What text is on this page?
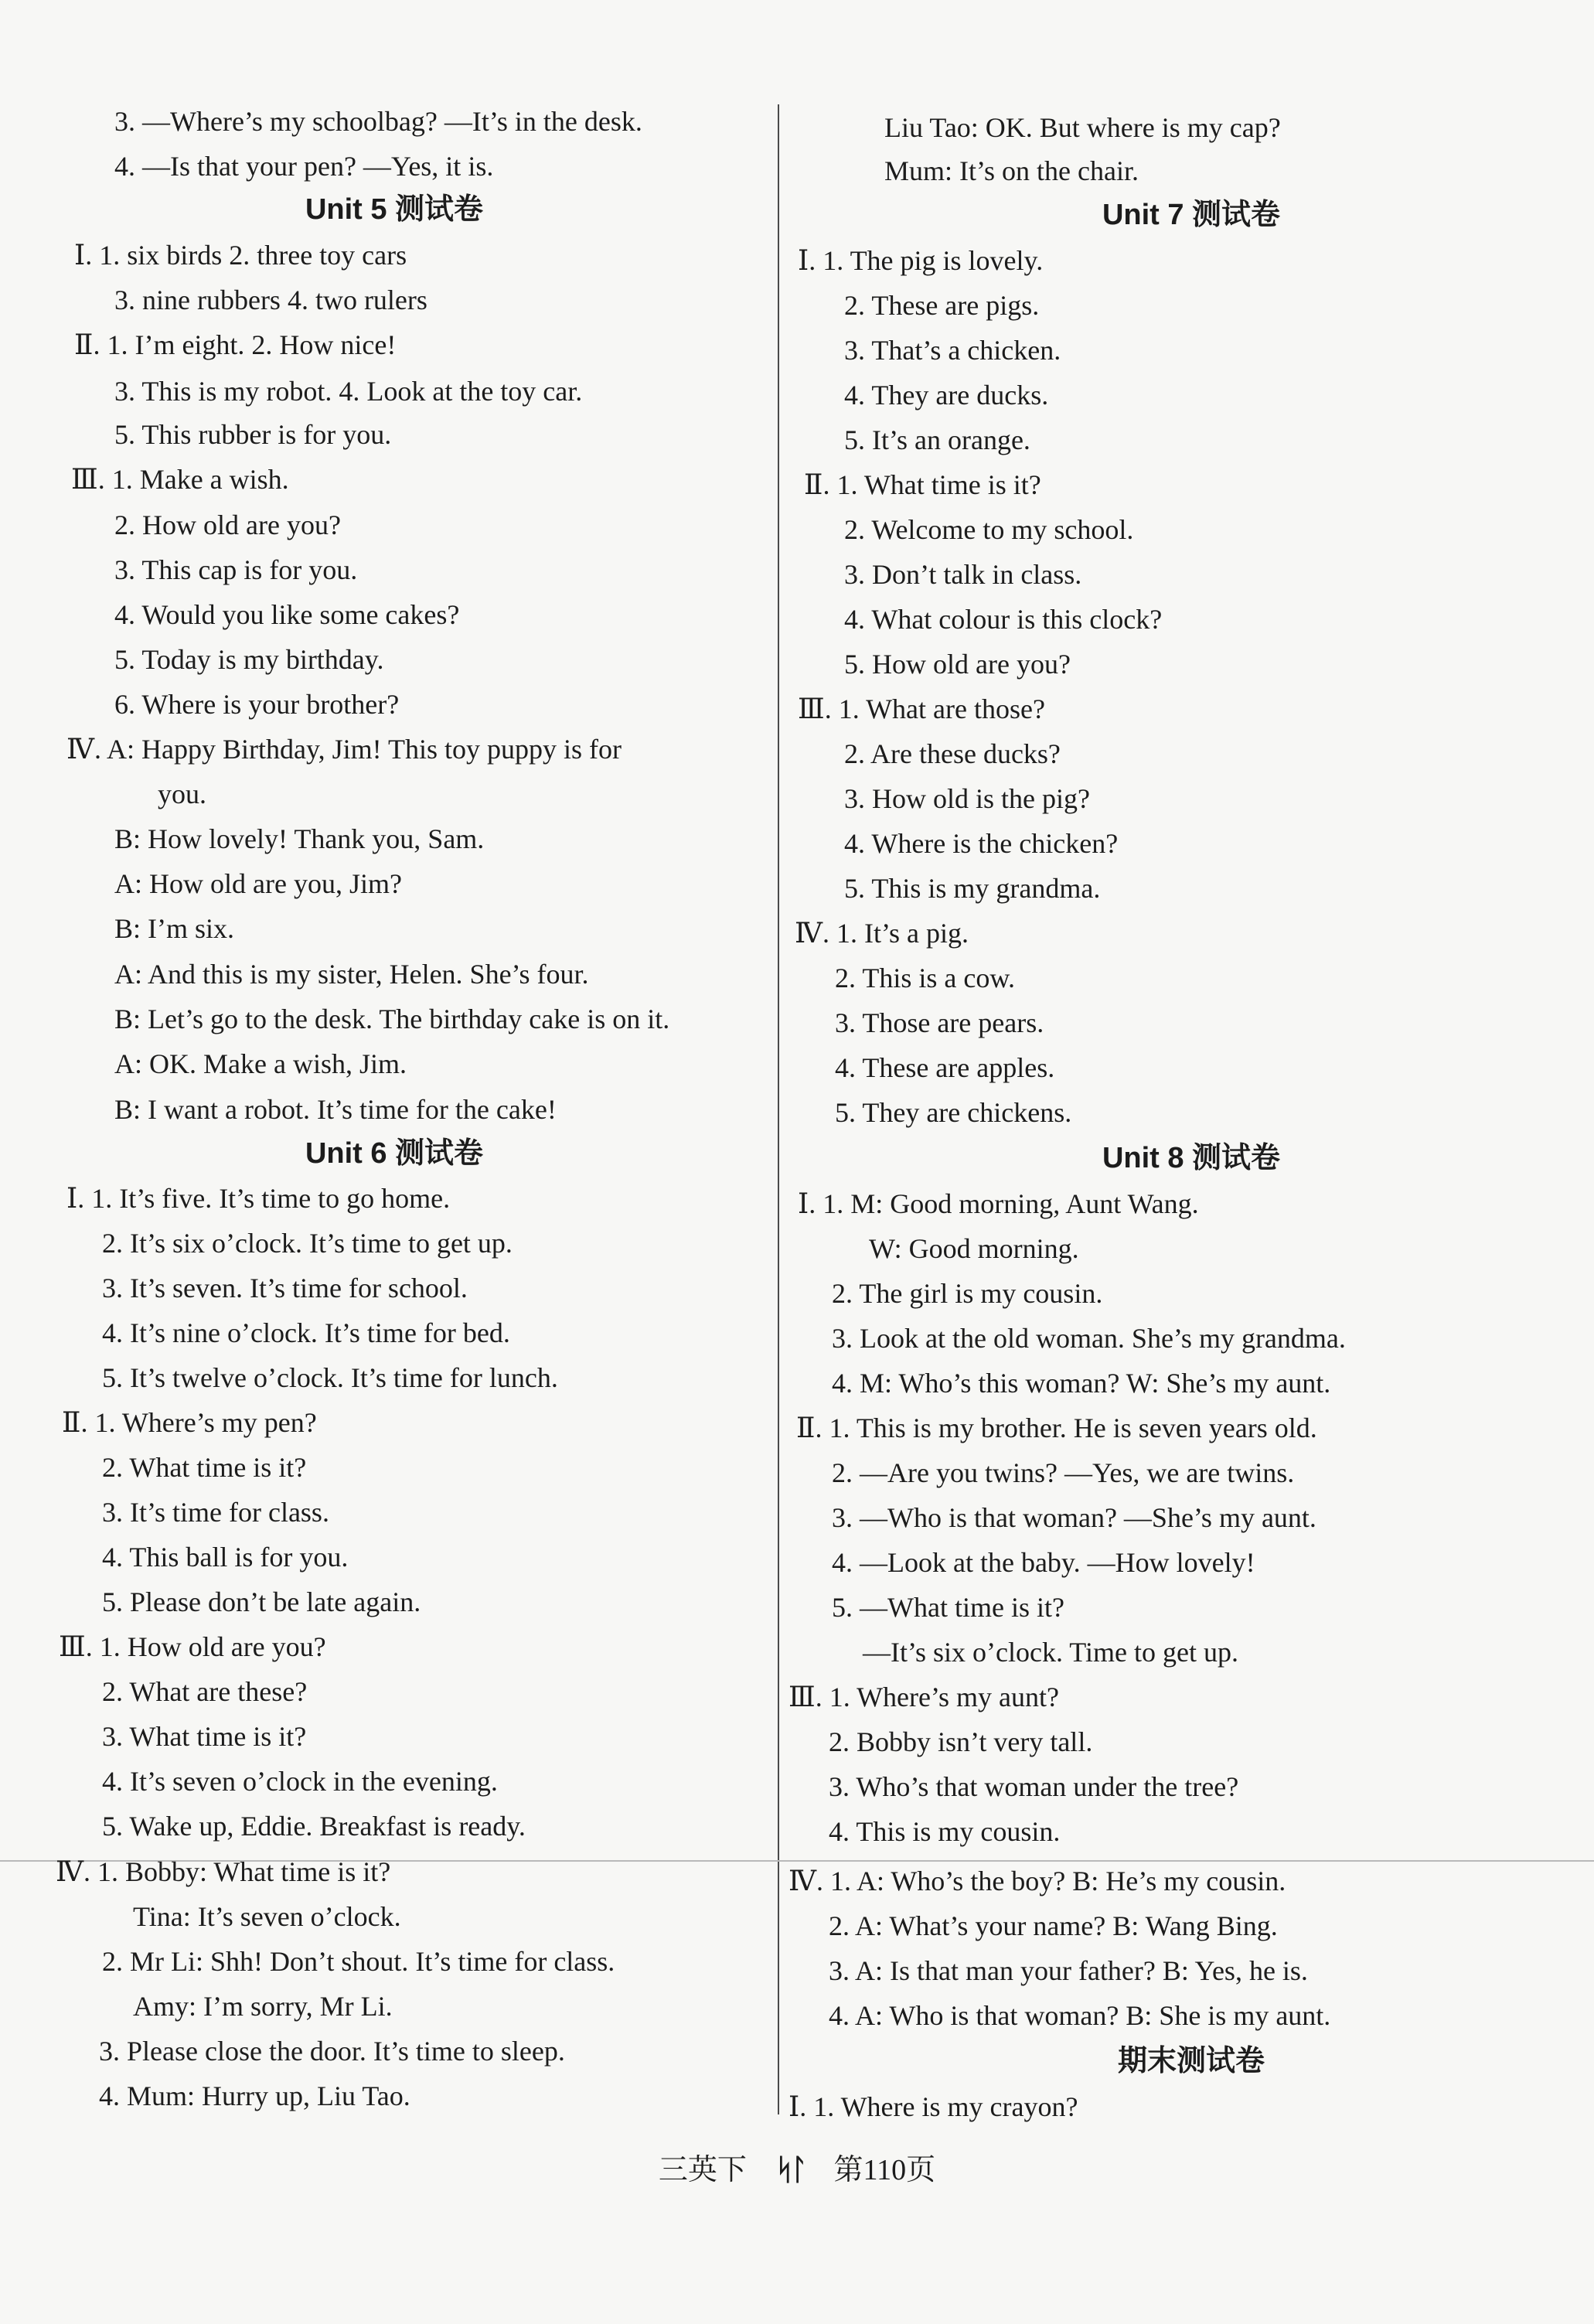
3. —Where’s my schoolbag? —It’s in the desk.
4. —Is that your pen? —Yes, it is.
Unit 5 测试卷
Ⅰ. 1. six birds 2. three toy cars
3. nine rubbers 4. two rulers
Ⅱ. 1. I’m eight. 2. How nice!
3. This is my robot. 4. Look at the toy car.
5. This rubber is for you.
Ⅲ. 1. Make a wish.
2. How old are you?
3. This cap is for you.
4. Would you like some cakes?
5. Today is my birthday.
6. Where is your brother?
Ⅳ. A: Happy Birthday, Jim! This toy puppy is for
you.
B: How lovely! Thank you, Sam.
A: How old are you, Jim?
B: I’m six.
A: And this is my sister, Helen. She’s four.
B: Let’s go to the desk. The birthday cake is on it.
A: OK. Make a wish, Jim.
B: I want a robot. It’s time for the cake!
Unit 6 测试卷
Ⅰ. 1. It’s five. It’s time to go home.
2. It’s six o’clock. It’s time to get up.
3. It’s seven. It’s time for school.
4. It’s nine o’clock. It’s time for bed.
5. It’s twelve o’clock. It’s time for lunch.
Ⅱ. 1. Where’s my pen?
2. What time is it?
3. It’s time for class.
4. This ball is for you.
5. Please don’t be late again.
Ⅲ. 1. How old are you?
2. What are these?
3. What time is it?
4. It’s seven o’clock in the evening.
5. Wake up, Eddie. Breakfast is ready.
Ⅳ. 1. Bobby: What time is it?
Tina: It’s seven o’clock.
2. Mr Li: Shh! Don’t shout. It’s time for class.
Amy: I’m sorry, Mr Li.
3. Please close the door. It’s time to sleep.
4. Mum: Hurry up, Liu Tao.
Liu Tao: OK. But where is my cap?
Mum: It’s on the chair.
Unit 7 测试卷
Ⅰ. 1. The pig is lovely.
2. These are pigs.
3. That’s a chicken.
4. They are ducks.
5. It’s an orange.
Ⅱ. 1. What time is it?
2. Welcome to my school.
3. Don’t talk in class.
4. What colour is this clock?
5. How old are you?
Ⅲ. 1. What are those?
2. Are these ducks?
3. How old is the pig?
4. Where is the chicken?
5. This is my grandma.
Ⅳ. 1. It’s a pig.
2. This is a cow.
3. Those are pears.
4. These are apples.
5. They are chickens.
Unit 8 测试卷
Ⅰ. 1. M: Good morning, Aunt Wang.
W: Good morning.
2. The girl is my cousin.
3. Look at the old woman. She’s my grandma.
4. M: Who’s this woman? W: She’s my aunt.
Ⅱ. 1. This is my brother. He is seven years old.
2. —Are you twins? —Yes, we are twins.
3. —Who is that woman? —She’s my aunt.
4. —Look at the baby. —How lovely!
5. —What time is it?
—It’s six o’clock. Time to get up.
Ⅲ. 1. Where’s my aunt?
2. Bobby isn’t very tall.
3. Who’s that woman under the tree?
4. This is my cousin.
Ⅳ. 1. A: Who’s the boy? B: He’s my cousin.
2. A: What’s your name? B: Wang Bing.
3. A: Is that man your father? B: Yes, he is.
4. A: Who is that woman? B: She is my aunt.
期末测试卷
Ⅰ. 1. Where is my crayon?
三英下 ᛋᛚ 第110页
